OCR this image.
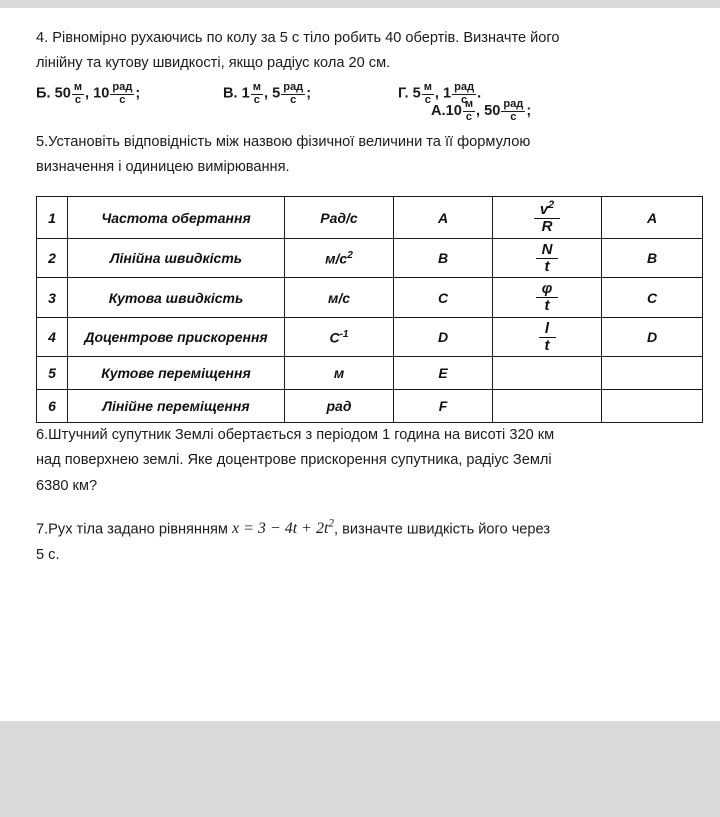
4. Рівномірно рухаючись по колу за 5 с тіло робить 40 обертів. Визначте його
лінійну та кутову швидкості, якщо радіус кола 20 см.
$А.10 \frac{м}{с}$ , $50 \frac{\text{рад}}{с}$ ;
Б. $50 \frac{м}{с}$ , $10 \frac{\text{рад}}{с}$ ;	В. $1 \frac{м}{с}$ , $5 \frac{\text{рад}}{с}$ ;	Г. $5 \frac{м}{с}$ , $1 \frac{\text{рад}}{с}$ .
5.Установіть відповідність між назвою фізичної величини та її формулою
визначення і одиницею вимірювання.
1	Частота обертання	Рад/с	А	$\frac{v^2}{R}$	А
2	Лінійна швидкість	$м/с^2$	В	$\frac{N}{t}$	В
3	Кутова швидкість	м/с	С	$\frac{\varphi}{t}$	С
4	Доцентрове прискорення	$С^{-1}$	D	$\frac{l}{t}$	D
5	Кутове переміщення	м	Е		
6	Лінійне переміщення	рад	F		
6.Штучний супутник Землі обертається з періодом 1 година на висоті 320 км
над поверхнею землі. Яке доцентрове прискорення супутника, радіус Землі
6380 км?
7.Рух тіла задано рівнянням $x = 3 - 4t + 2t^2$, визначте швидкість його через
5 с.
